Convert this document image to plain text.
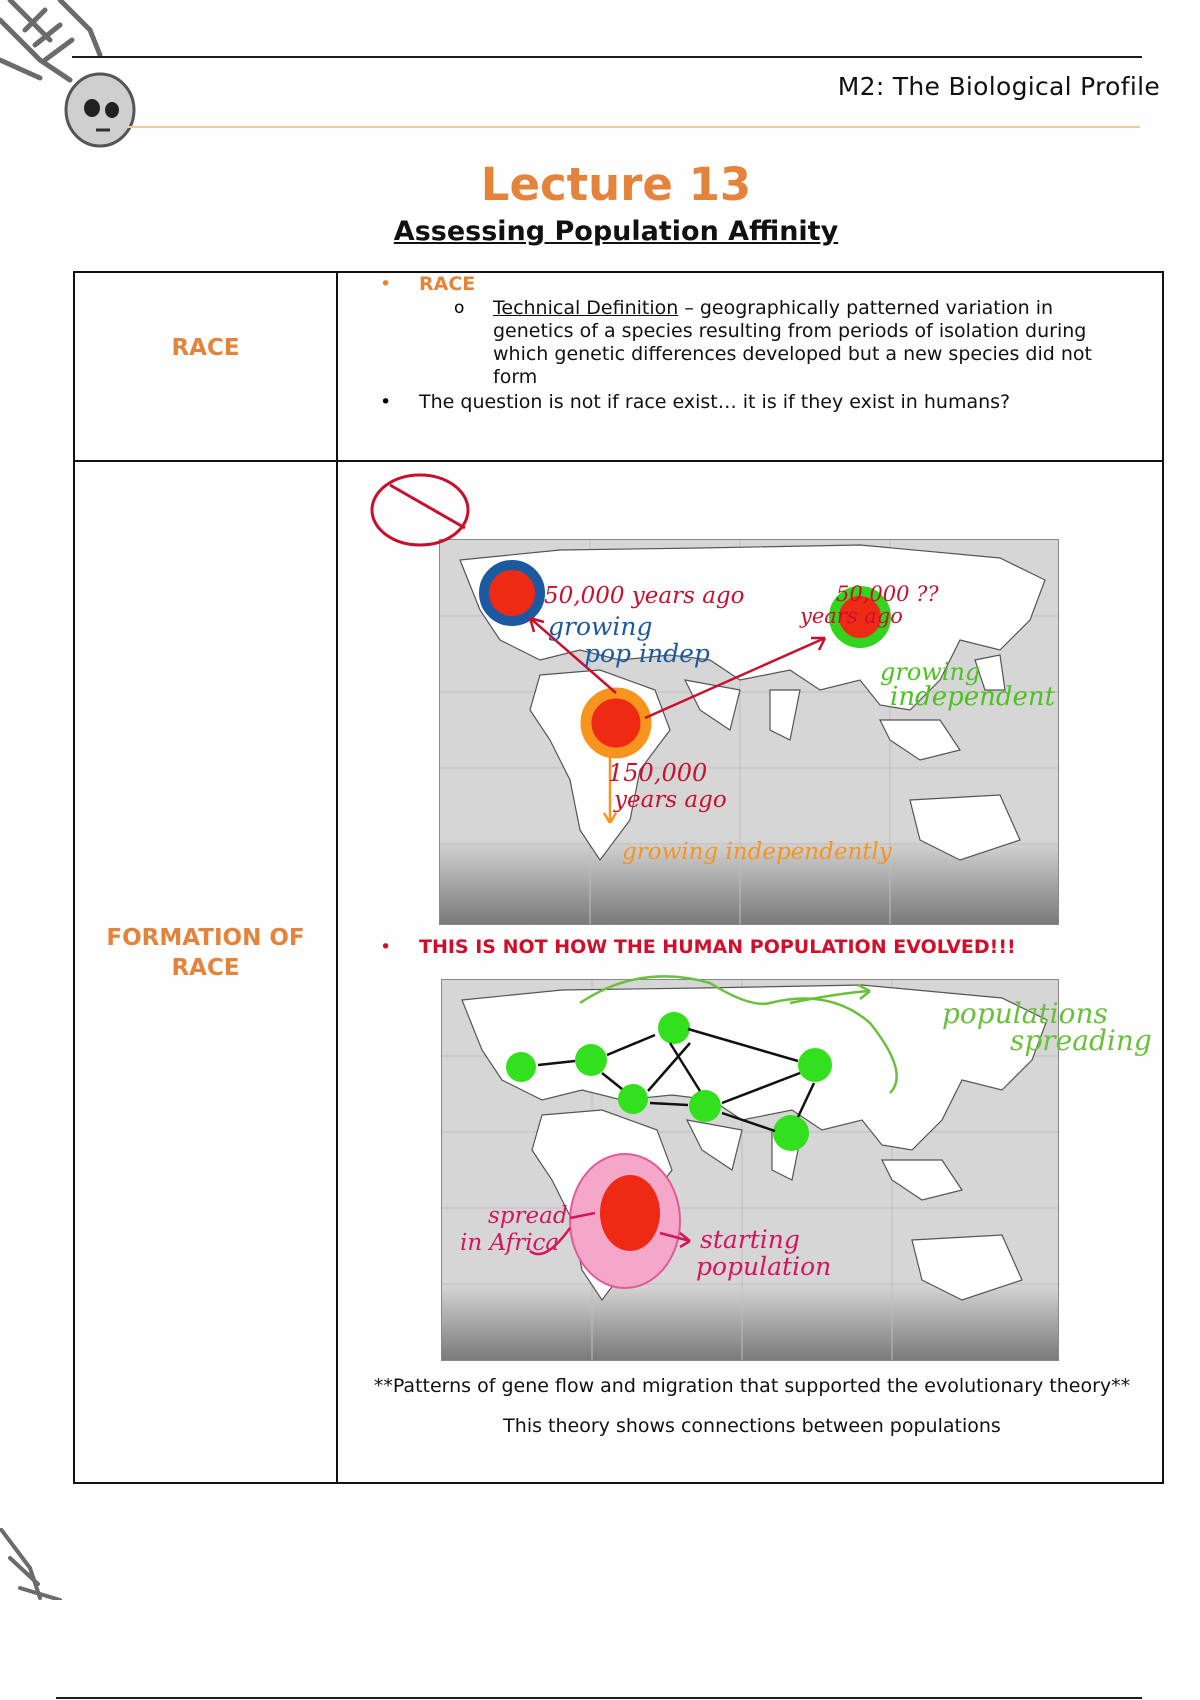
M2: The Biological Profile
Lecture 13
Assessing Population Affinity
RACE
• RACE
o Technical Definition – geographically patterned variation in
genetics of a species resulting from periods of isolation during
which genetic differences developed but a new species did not
form
• The question is not if race exist… it is if they exist in humans?
FORMATION OF
RACE
50,000 years ago
growing
pop indep
50,000 ??
years ago
growing
independent
150,000
years ago
growing independently
• THIS IS NOT HOW THE HUMAN POPULATION EVOLVED!!!
populations
spreading
spread
in Africa	starting
population
**Patterns of gene flow and migration that supported the evolutionary theory**
This theory shows connections between populations
